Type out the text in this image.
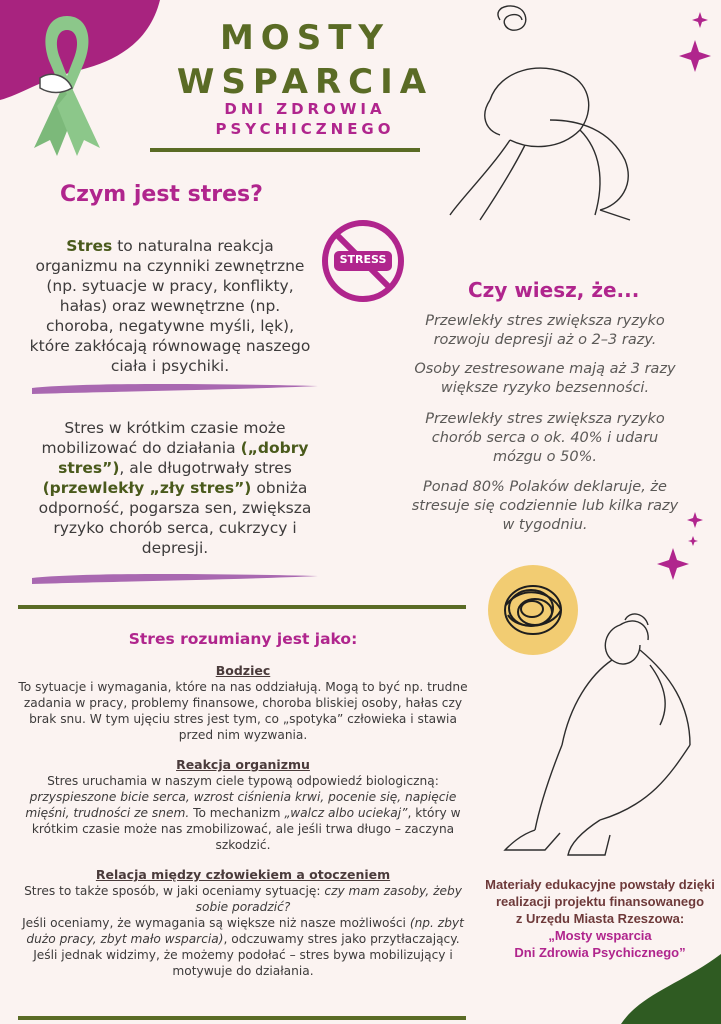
MOSTY
WSPARCIA
DNI ZDROWIA
PSYCHICZNEGO
Czym jest stres?
Stres to naturalna reakcja organizmu na czynniki zewnętrzne (np. sytuacje w pracy, konflikty, hałas) oraz wewnętrzne (np. choroba, negatywne myśli, lęk), które zakłócają równowagę naszego ciała i psychiki.
Stres w krótkim czasie może mobilizować do działania („dobry stres”), ale długotrwały stres (przewlekły „zły stres”) obniża odporność, pogarsza sen, zwiększa ryzyko chorób serca, cukrzycy i depresji.
STRESS
Czy wiesz, że...
Przewlekły stres zwiększa ryzyko rozwoju depresji aż o 2–3 razy.
Osoby zestresowane mają aż 3 razy większe ryzyko bezsenności.
Przewlekły stres zwiększa ryzyko chorób serca o ok. 40% i udaru mózgu o 50%.
Ponad 80% Polaków deklaruje, że stresuje się codziennie lub kilka razy w tygodniu.
Stres rozumiany jest jako:
Bodziec
To sytuacje i wymagania, które na nas oddziałują. Mogą to być np. trudne zadania w pracy, problemy finansowe, choroba bliskiej osoby, hałas czy brak snu. W tym ujęciu stres jest tym, co „spotyka” człowieka i stawia przed nim wyzwania.
Reakcja organizmu
Stres uruchamia w naszym ciele typową odpowiedź biologiczną: przyspieszone bicie serca, wzrost ciśnienia krwi, pocenie się, napięcie mięśni, trudności ze snem. To mechanizm „walcz albo uciekaj”, który w krótkim czasie może nas zmobilizować, ale jeśli trwa długo – zaczyna szkodzić.
Relacja między człowiekiem a otoczeniem
Stres to także sposób, w jaki oceniamy sytuację: czy mam zasoby, żeby sobie poradzić?
Jeśli oceniamy, że wymagania są większe niż nasze możliwości (np. zbyt dużo pracy, zbyt mało wsparcia), odczuwamy stres jako przytłaczający.
Jeśli jednak widzimy, że możemy podołać – stres bywa mobilizujący i motywuje do działania.
Materiały edukacyjne powstały dzięki
realizacji projektu finansowanego
z Urzędu Miasta Rzeszowa:
„Mosty wsparcia
Dni Zdrowia Psychicznego”
